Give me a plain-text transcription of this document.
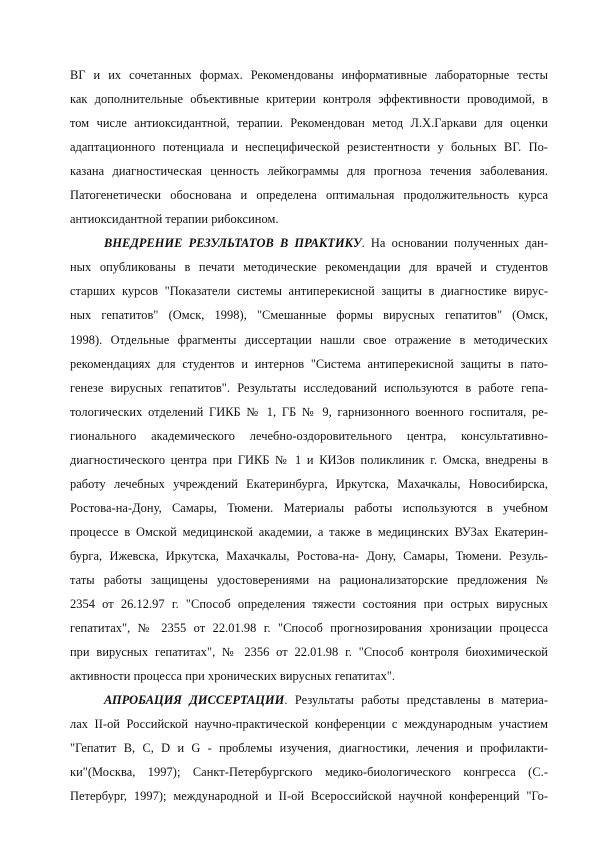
ВГ и их сочетанных формах. Рекомендованы информативные лабораторные тесты
как дополнительные объективные критерии контроля эффективности проводимой, в
том числе антиоксидантной, терапии. Рекомендован метод Л.Х.Гаркави для оценки
адаптационного потенциала и неспецифической резистентности у больных ВГ. По-
казана диагностическая ценность лейкограммы для прогноза течения заболевания.
Патогенетически обоснована и определена оптимальная продолжительность курса
антиоксидантной терапии рибоксином.
ВНЕДРЕНИЕ РЕЗУЛЬТАТОВ В ПРАКТИКУ. На основании полученных дан-
ных опубликованы в печати методические рекомендации для врачей и студентов
старших курсов "Показатели системы антиперекисной защиты в диагностике вирус-
ных гепатитов" (Омск, 1998), "Смешанные формы вирусных гепатитов" (Омск,
1998). Отдельные фрагменты диссертации нашли свое отражение в методических
рекомендациях для студентов и интернов "Система антиперекисной защиты в пато-
генезе вирусных гепатитов". Результаты исследований используются в работе гепа-
тологических отделений ГИКБ № 1, ГБ № 9, гарнизонного военного госпиталя, ре-
гионального академического лечебно-оздоровительного центра, консультативно-
диагностического центра при ГИКБ № 1 и КИЗов поликлиник г. Омска, внедрены в
работу лечебных учреждений Екатеринбурга, Иркутска, Махачкалы, Новосибирска,
Ростова-на-Дону, Самары, Тюмени. Материалы работы используются в учебном
процессе в Омской медицинской академии, а также в медицинских ВУЗах Екатерин-
бурга, Ижевска, Иркутска, Махачкалы, Ростова-на- Дону, Самары, Тюмени. Резуль-
таты работы защищены удостоверениями на рационализаторские предложения №
2354 от 26.12.97 г. "Способ определения тяжести состояния при острых вирусных
гепатитах", № 2355 от 22.01.98 г. "Способ прогнозирования хронизации процесса
при вирусных гепатитах", № 2356 от 22.01.98 г. "Способ контроля биохимической
активности процесса при хронических вирусных гепатитах".
АПРОБАЦИЯ ДИССЕРТАЦИИ. Результаты работы представлены в материа-
лах II-ой Российской научно-практической конференции с международным участием
"Гепатит В, С, D и G - проблемы изучения, диагностики, лечения и профилакти-
ки"(Москва, 1997); Санкт-Петербургского медико-биологического конгресса (С.-
Петербург, 1997); международной и II-ой Всероссийской научной конференций "Го-
